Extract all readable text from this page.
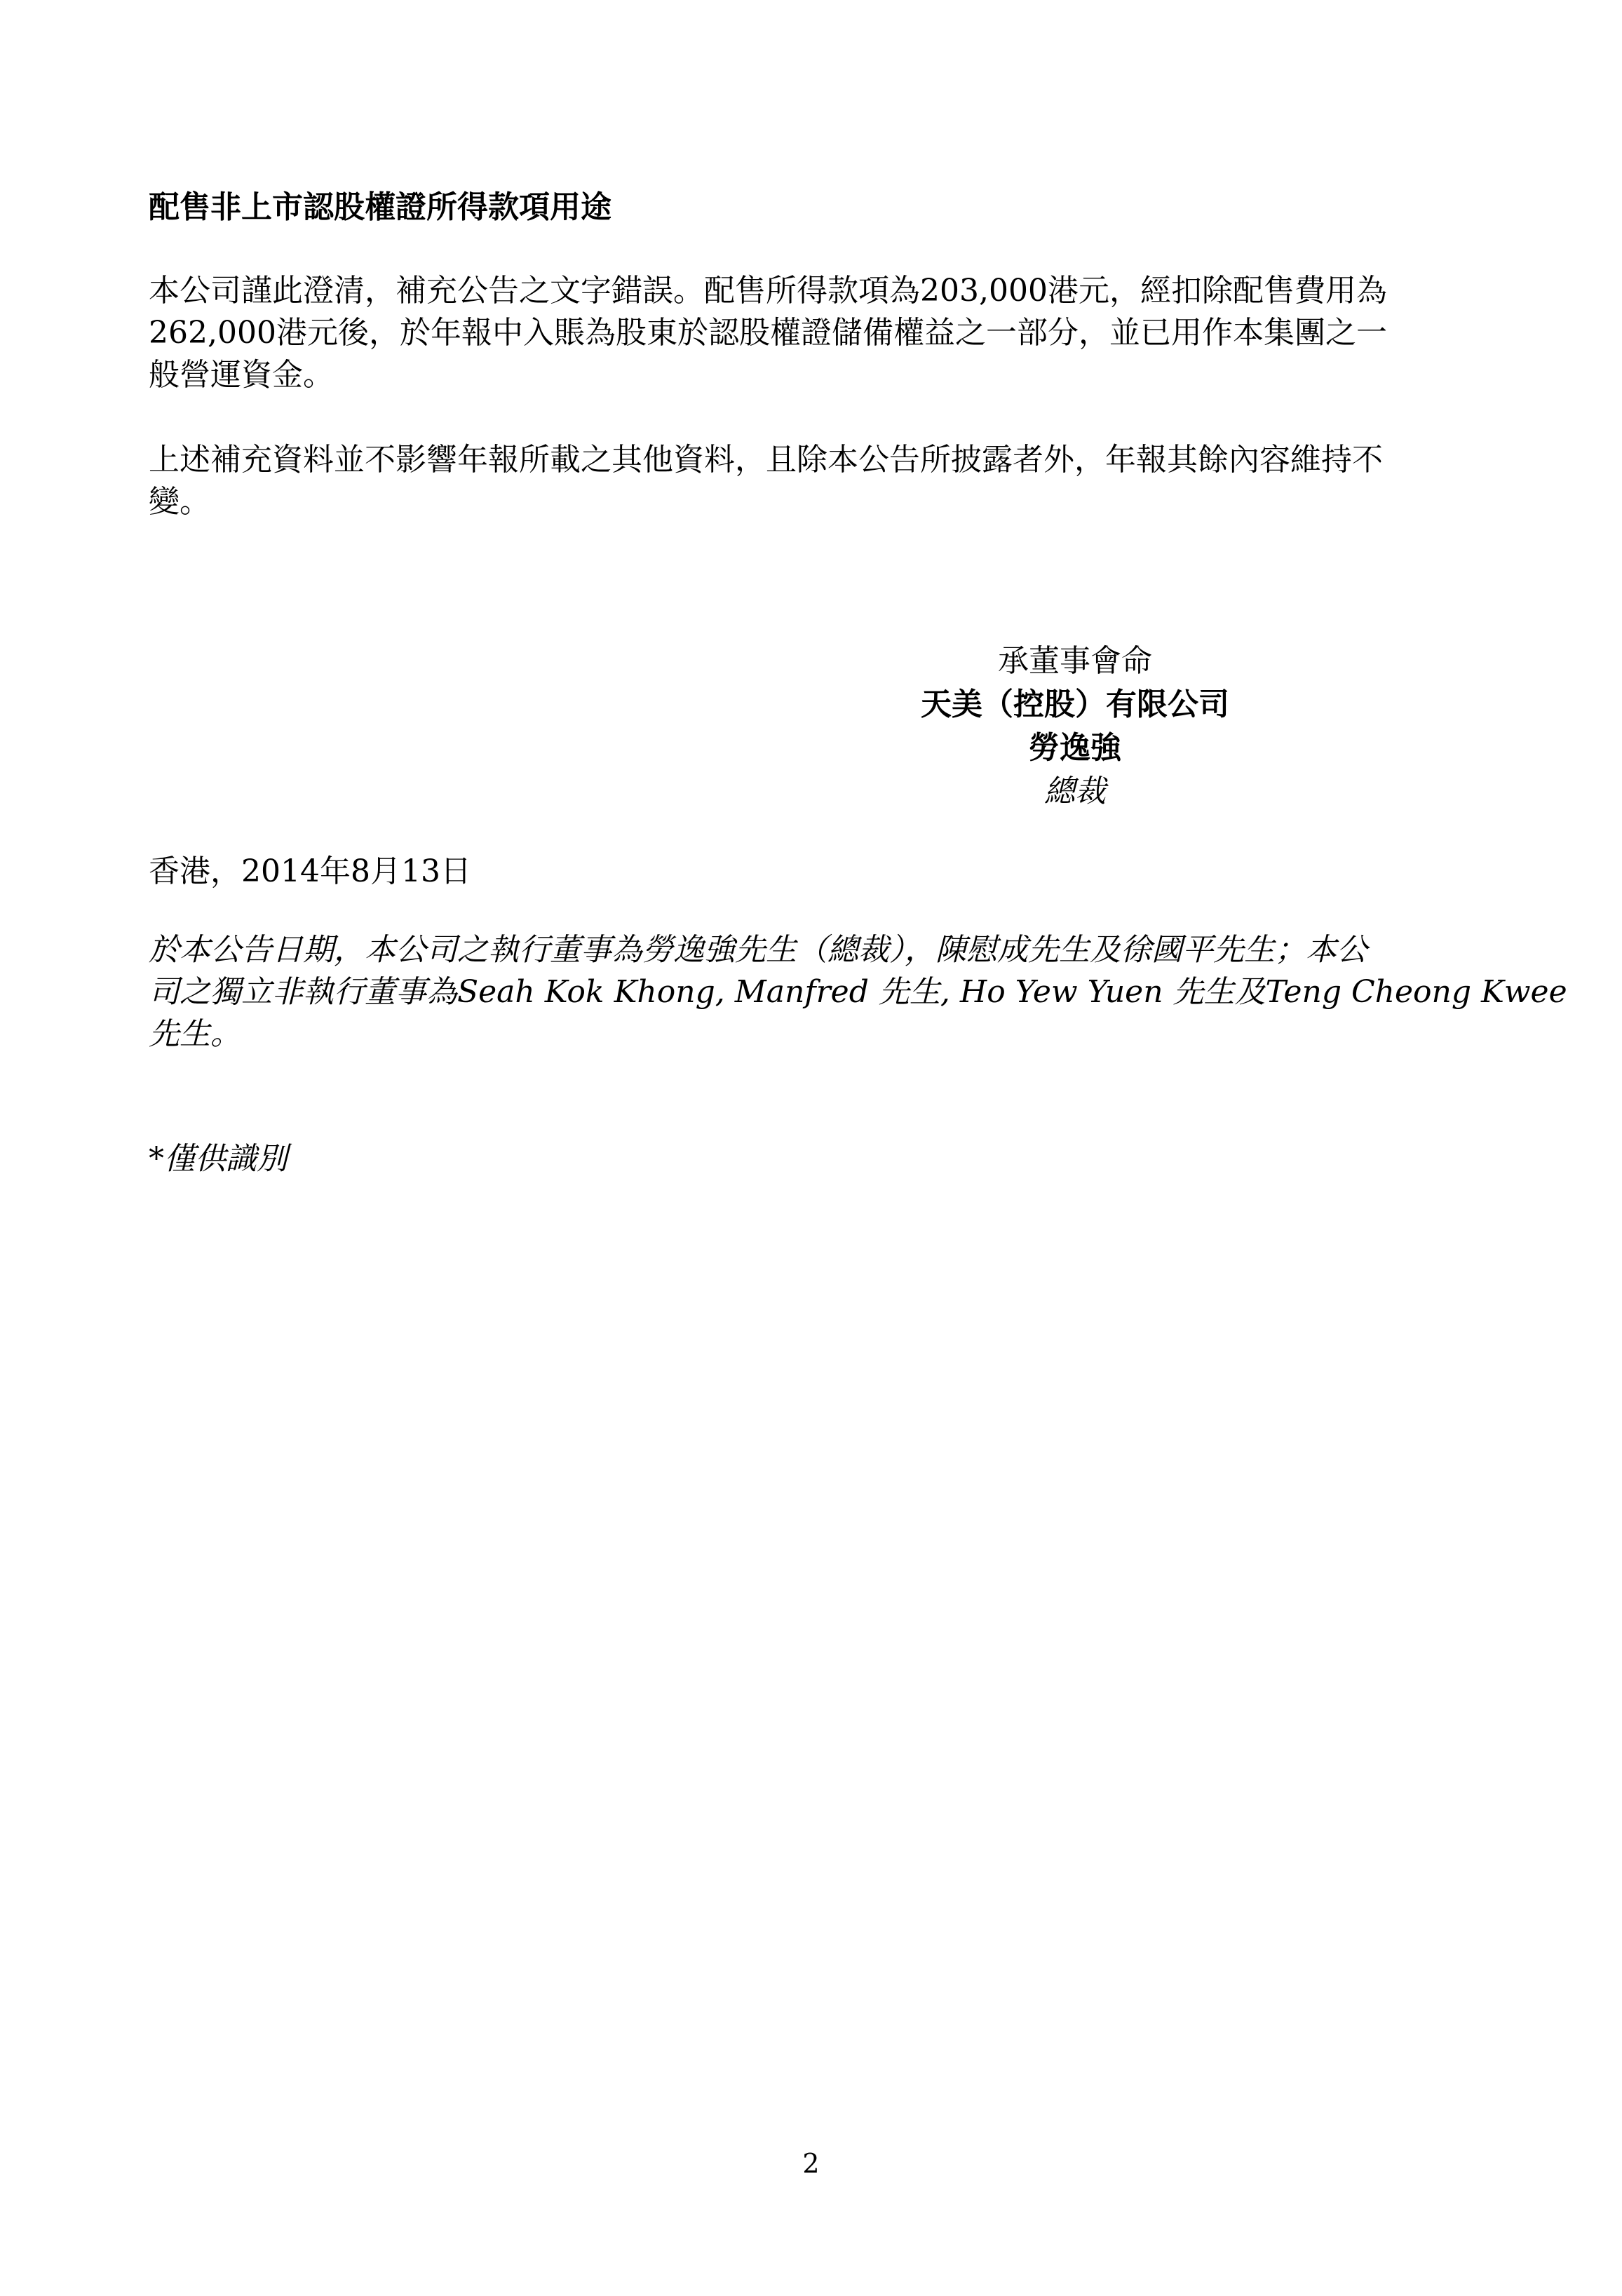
配售非上市認股權證所得款項用途
本公司謹此澄清，補充公告之文字錯誤。配售所得款項為203,000港元，經扣除配售費用為
262,000港元後，於年報中入賬為股東於認股權證儲備權益之一部分，並已用作本集團之一
般營運資金。
上述補充資料並不影響年報所載之其他資料，且除本公告所披露者外，年報其餘內容維持不
變。
承董事會命
天美（控股）有限公司
勞逸強
總裁
香港，2014年8月13日
於本公告日期，本公司之執行董事為勞逸強先生（總裁），陳慰成先生及徐國平先生；本公
司之獨立非執行董事為Seah Kok Khong, Manfred 先生, Ho Yew Yuen 先生及Teng Cheong Kwee
先生。
*僅供識別
2
